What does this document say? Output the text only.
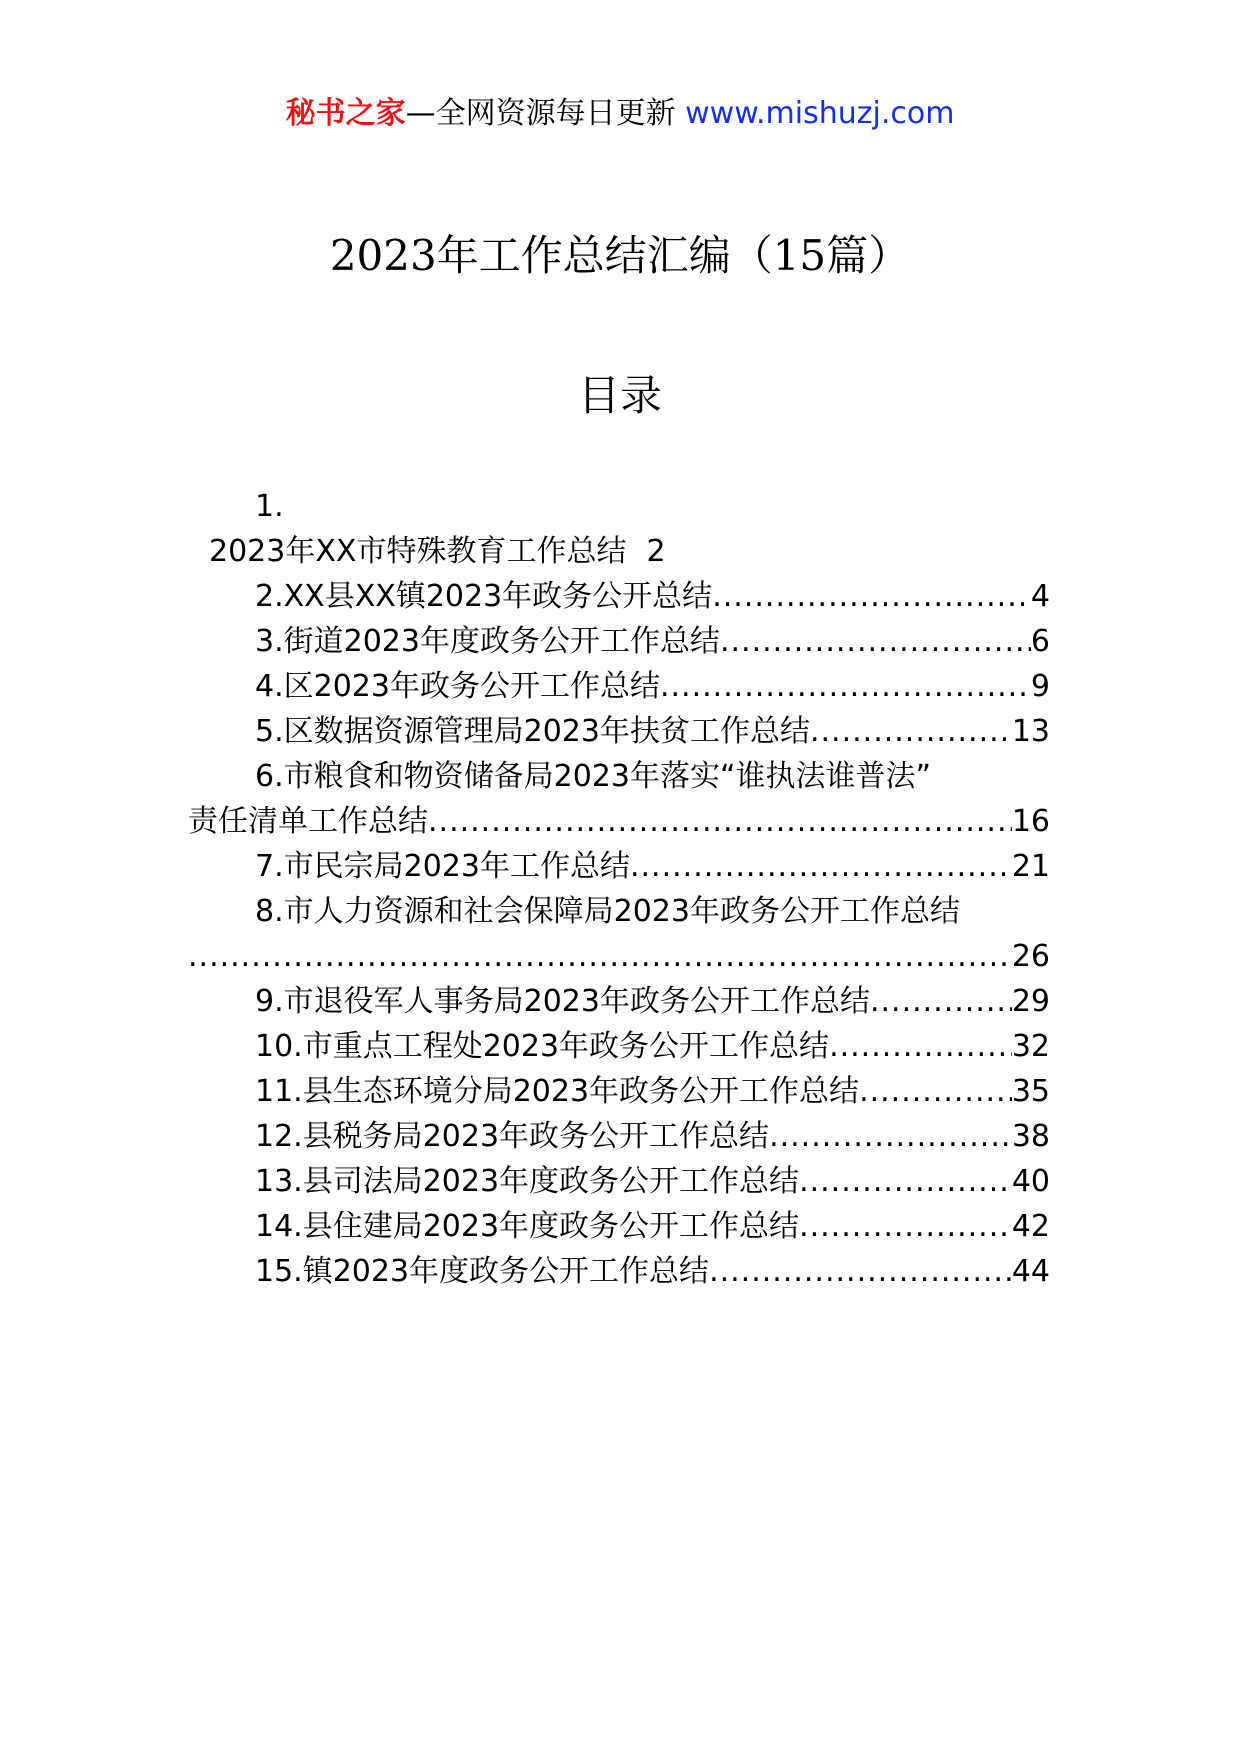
秘书之家—全网资源每日更新 www.mishuzj.com
2023年工作总结汇编（15篇）
目录
1.
2023年XX市特殊教育工作总结 2
2.XX县XX镇2023年政务公开总结 .....	4
3.街道2023年度政务公开工作总结 .....	6
4.区2023年政务公开工作总结 .....	9
5.区数据资源管理局2023年扶贫工作总结 .....	13
6.市粮食和物资储备局2023年落实“谁执法谁普法”
责任清单工作总结 .....	16
7.市民宗局2023年工作总结 .....	21
8.市人力资源和社会保障局2023年政务公开工作总结
.....
26
9.市退役军人事务局2023年政务公开工作总结 .....	29
10.市重点工程处2023年政务公开工作总结 .....	32
11.县生态环境分局2023年政务公开工作总结 .....	35
12.县税务局2023年政务公开工作总结 .....	38
13.县司法局2023年度政务公开工作总结 .....	40
14.县住建局2023年度政务公开工作总结 .....	42
15.镇2023年度政务公开工作总结 .....	44
